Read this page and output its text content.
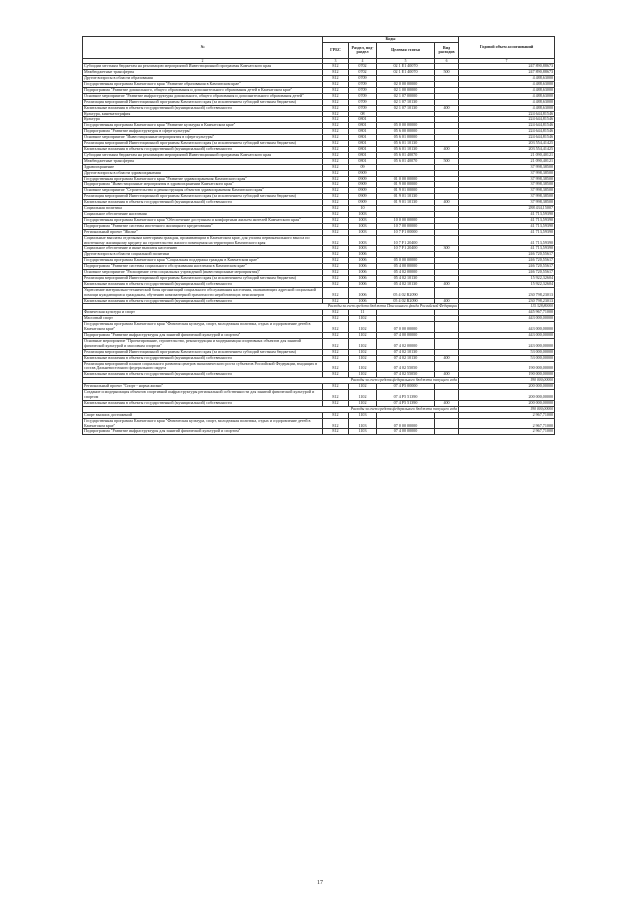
№	Коды				Годовой объем ассигнований
	ГРБС	Раздел, под-раздел	Целевая статья	Вид расходов	
2	3	4	5	6	7
Субсидии местным бюджетам на реализацию мероприятий Инвестиционной программы Камчатского края	812	0702	02 1 Е1 40070		247 890,88673
Межбюджетные трансферты	812	0702	02 1 Е1 40070	500	247 890,88673
Другие вопросы в области образования	812	0709			4 488,63000
Государственная программа Камчатского края "Развитие образования в Камчатском крае"	812	0709	02 0 00 00000		4 488,63000
Подпрограмма "Развитие дошкольного, общего образования и дополнительного образования детей в Камчатском крае"	812	0709	02 1 00 00000		4 488,63000
Основное мероприятие "Развитие инфраструктуры дошкольного, общего образования и дополнительного образования детей"	812	0709	02 1 07 00000		4 488,63000
Реализация мероприятий Инвестиционной программы Камчатского края (за исключением субсидий местным бюджетам)	812	0709	02 1 07 10130		4 488,63000
Капитальные вложения в объекты государственной (муниципальной) собственности	812	0709	02 1 07 10130	400	4 488,63000
Культура, кинематография	812	08			224 644,81546
Культура	812	0801			224 644,81546
Государственная программа Камчатского края "Развитие культуры в Камчатском крае"	812	0801	05 0 00 00000		224 644,81546
Подпрограмма "Развитие инфраструктуры в сфере культуры"	812	0801	05 6 00 00000		224 644,81546
Основное мероприятие "Инвестиционные мероприятия в сфере культуры"	812	0801	05 6 01 00000		224 644,81546
Реализация мероприятий Инвестиционной программы Камчатского края (за исключением субсидий местным бюджетам)	812	0801	05 6 01 10130		203 554,41425
Капитальные вложения в объекты государственной (муниципальной) собственности	812	0801	05 6 01 10130	400	203 554,41425
Субсидии местным бюджетам на реализацию мероприятий Инвестиционной программы Камчатского края	812	0801	05 6 01 40070		21 090,40121
Межбюджетные трансферты	812	0801	05 6 01 40070	500	21 090,40121
Здравоохранение	812	09			37 998,38500
Другие вопросы в области здравоохранения	812	0909			37 998,38500
Государственная программа Камчатского края "Развитие здравоохранения Камчатского края"	812	0909	01 0 00 00000		37 998,38500
Подпрограмма "Инвестиционные мероприятия в здравоохранении Камчатского края"	812	0909	01 9 00 00000		37 998,38500
Основное мероприятие "Строительство и реконструкция объектов здравоохранения Камчатского края"	812	0909	01 9 01 00000		37 998,38500
Реализация мероприятий Инвестиционной программы Камчатского края (за исключением субсидий местным бюджетам)	812	0909	01 9 01 10130		37 998,38500
Капитальные вложения в объекты государственной (муниципальной) собственности	812	0909	01 9 01 10130	400	37 998,38500
Социальная политика	812	10			288 434,15007
Социальное обеспечение населения	812	1003			41 713,59390
Государственная программа Камчатского края "Обеспечение доступным и комфортным жильем жителей Камчатского края"	812	1003	10 0 00 00000		41 713,59390
Подпрограмма "Развитие системы ипотечного жилищного кредитования"	812	1003	10 7 00 00000		41 713,59390
Региональный проект "Жилье"	812	1003	10 7 F1 00000		41 713,59390
Социальные выплаты отдельным категориям граждан, проживающим в Камчатском крае, для уплаты первоначального взноса по ипотечному жилищному кредиту на строительство жилого помещения на территории Камчатского края	812	1003	10 7 F1 20400		41 713,59390
Социальное обеспечение и иные выплаты населению	812	1003	10 7 F1 20400	300	41 713,59390
Другие вопросы в области социальной политики	812	1006			246 720,55617
Государственная программа Камчатского края "Социальная поддержка граждан в Камчатском крае"	812	1006	05 0 00 00000		246 720,55617
Подпрограмма "Развитие системы социального обслуживания населения в Камчатском крае"	812	1006	05 4 00 00000		246 720,55617
Основное мероприятие "Расширение сети социальных учреждений (инвестиционные мероприятия)"	812	1006	05 4 02 00000		246 720,55617
Реализация мероприятий Инвестиционной программы Камчатского края (за исключением субсидий местным бюджетам)	812	1006	05 4 02 10130		15 922,32604
Капитальные вложения в объекты государственной (муниципальной) собственности	812	1006	05 4 02 10130	400	15 922,32604
Укрепление материально-технической базы организаций социального обслуживания населения, оказывающих адресной социальной помощи нуждающимся гражданам, обучению компьютерной грамотности неработающих пенсионеров	812	1006	05 4 02 R2090		230 798,23013
Капитальные вложения в объекты государственной (муниципальной) собственности	812	1006	05 4 02 R2090	400	230 798,23013
Расходы за счет средств бюджета Пенсионного фонда Российской Федерации					115 328,80000
Физическая культура и спорт	812	11			445 967,71000
Массовый спорт	812	1102			443 000,00000
Государственная программа Камчатского края "Физическая культура, спорт, молодежная политика, отдых и оздоровление детей в Камчатском крае"	812	1102	07 0 00 00000		443 000,00000
Подпрограмма "Развитие инфраструктуры для занятий физической культурой и спортом"	812	1102	07 4 00 00000		443 000,00000
Основные мероприятие "Проектирование, строительство, реконструкция и модернизация спортивных объектов для занятий физической культурой и массовым спортом"	812	1102	07 4 02 00000		243 000,00000
Реализация мероприятий Инвестиционной программы Камчатского края (за исключением субсидий местным бюджетам)	812	1102	07 4 02 10130		53 000,00000
Капитальные вложения в объекты государственной (муниципальной) собственности	812	1102	07 4 02 10130	400	53 000,00000
Реализация мероприятий планов социального развития центров экономического роста субъектов Российской Федерации, входящих в состав Дальневосточного федерального округа	812	1102	07 4 02 55050		190 000,00000
Капитальные вложения в объекты государственной (муниципальной) собственности	812	1102	07 4 02 55050	400	190 000,00000
Расходы за счет средств федерального бюджета текущего года					190 000,00000
Региональный проект "Спорт - норма жизни"	812	1102	07 4 P5 00000		200 000,00000
Создание и модернизация объектов спортивной инфраструктуры региональной собственности для занятий физической культурой и спортом	812	1102	07 4 P5 51390		200 000,00000
Капитальные вложения в объекты государственной (муниципальной) собственности	812	1102	07 4 P5 51390	400	200 000,00000
Расходы за счет средств федерального бюджета текущего года					190 000,00000
Спорт высших достижений	812	1103			2 967,71000
Государственная программа Камчатского края "Физическая культура, спорт, молодежная политика, отдых и оздоровление детей в Камчатском крае"	812	1103	07 0 00 00000		2 967,71000
Подпрограмма "Развитие инфраструктуры для занятий физической культурой и спортом"	812	1103	07 4 00 00000		2 967,71000
17
